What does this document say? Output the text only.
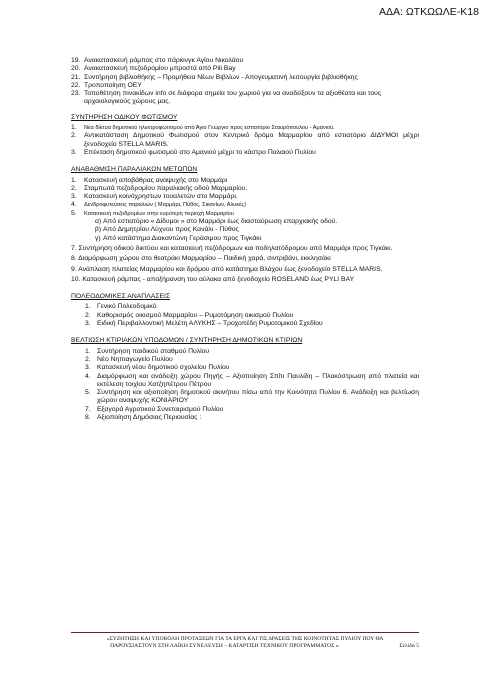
ΑΔΑ: ΩΤΚΩΩΛΕ-Κ18
19. Ανακατασκευή ράμπας στο πάρκινγκ Αγίου Νικολάου
20. Ανακατασκευή πεζοδρομίου μπροστά από Pili Bay
21. Συντήρηση βιβλιοθήκης – Προμήθεια Νέων Βιβλίων - Απογευματινή λειτουργία βιβλιοθήκης
22. Τροποποίηση ΟΕΥ
23. Τοποθέτηση πινακίδων info σε διάφορα σημεία του χωριού για να αναδείξουν τα αξιοθέατα και τους αρχαιολογικούς χώρους μας.
ΣΥΝΤΗΡΗΣΗ ΟΔΙΚΟΥ ΦΩΤΙΣΜΟΥ
1.	Νέα δίκτυα δημοτικού ηλεκτροφωτισμού από Άγιο Γεώργιο προς εστιατόριο Σταυρόπουλου - Αμανιού.
2.	Αντικατάσταση Δημοτικού Φωτισμού στον Κεντρικό δρόμο Μαρμαρίου από εστιατόριο ΔΙΔΥΜΟΙ μέχρι ξενοδοχείο STELLA MARIS.
3.	Επέκταση δημοτικού φωτισμού στο Αμανιού μέχρι το κάστρο Παλαιού Πυλίου
ΑΝΑΒΑΘΜΙΣΗ ΠΑΡΑΛΙΑΚΩΝ ΜΕΤΩΠΩΝ
1.	Κατασκευή αποβάθρας αναψυχής στο Μαρμάρι
2.	Σταμπωτά πεζοδρομίου παραλιακής οδού Μαρμαρίου.
3.	Κατασκευή κοινόχρηστων τουαλετών στο Μαρμάρι.
4.	Δενδροφυτεύσεις παραλιών ( Μαρμάρι, Πύθος, Σικανίων, Αλυκές)
5.	Κατασκευή πεζοδρομίων στην ευρύτερη περιοχή Μαρμαρίου
α) Από εστιατόριο « Δίδυμοι » στο Μαρμάρι έως διασταύρωση επαρχιακής οδού.
β) Από Δημητρίου Λύχνου προς Κανάλι - Πύθος
γ) Από κατάστημα Διακαντώνη Γεράσιμου προς Τιγκάκι
7. Συντήρηση οδικού δικτύου και κατασκευή πεζόδρομων και ποδηλατόδρομου από Μαρμάρι προς Τιγκάκι.
8. Διαμόρφωση χώρου στο θεατράκι Μαρμαρίου – Παιδική χαρά, σιντριβάνι, εκκλησάκι
9. Ανάπλαση πλατείας Μαρμαρίου και δρόμου από κατάστημα Βλάχου έως ξενοδοχείο STELLA MARIS.
10. Κατασκευή ράμπας - αποξήρανση του αύλακα από ξενοδοχείο ROSELAND έως PYLI BAY
ΠΟΛΕΟΔΟΜΙΚΕΣ ΑΝΑΠΛΑΣΕΙΣ
1. Γενικό Πολεοδομικό
2. Καθορισμός οικισμού Μαρμαρίου – Ρυμοτόμηση οικισμού Πυλίου
3. Ειδική Περιβαλλοντική Μελέτη ΑΛΥΚΗΣ – Τροχοπέδη Ρυμοτομικού Σχεδίου
ΒΕΛΤΙΩΣΗ ΚΤΙΡΙΑΚΩΝ ΥΠΟΔΟΜΩΝ / ΣΥΝΤΗΡΗΣΗ ΔΗΜΟΤΙΚΩΝ ΚΤΙΡΙΩΝ
1. Συντήρηση παιδικού σταθμού Πυλίου
2. Νέο Νηπιαγωγείο Πυλίου
3. Κατασκευή νέου δημοτικού σχολείου Πυλίου
4. Διαμόρφωση και ανάδειξη χώρου Πηγής – Αξιοποίηση Σπίτι Παυλίδη – Πλακόστρωση από πλατεία και εκτέλεση τοιχίου Χατζηπέτρου Πέτρου
5. Συντήρηση και αξιοποίηση δημοτικού ακινήτου πίσω από την Κοινότητα Πυλίου 6. Ανάδειξη και βελτίωση χώρου αναψυχής ΚΟΝΙΑΡΙΟΥ
7. Εξαγορά Αγροτικού Συνεταιρισμού Πυλίου
8. Αξιοποίηση Δημόσιας Περιουσίας :
«ΣΥΖΗΤΗΣΗ ΚΑΙ ΥΠΟΒΟΛΗ ΠΡΟΤΑΣΕΩΝ ΓΙΑ ΤΑ ΕΡΓΑ ΚΑΙ ΤΙΣ ΔΡΑΣΕΙΣ ΤΗΣ ΚΟΙΝΟΤΗΤΑΣ ΠΥΛΙΟΥ ΠΟΥ ΘΑ
ΠΑΡΟΥΣΙΑΣΤΟΥΝ ΣΤΗ ΛΑΪΚΗ ΣΥΝΕΛΕΥΣΗ – ΚΑΤΑΡΤΙΣΗ ΤΕΧΝΙΚΟΥ ΠΡΟΓΡΑΜΜΑΤΟΣ ».	Σελίδα 5
